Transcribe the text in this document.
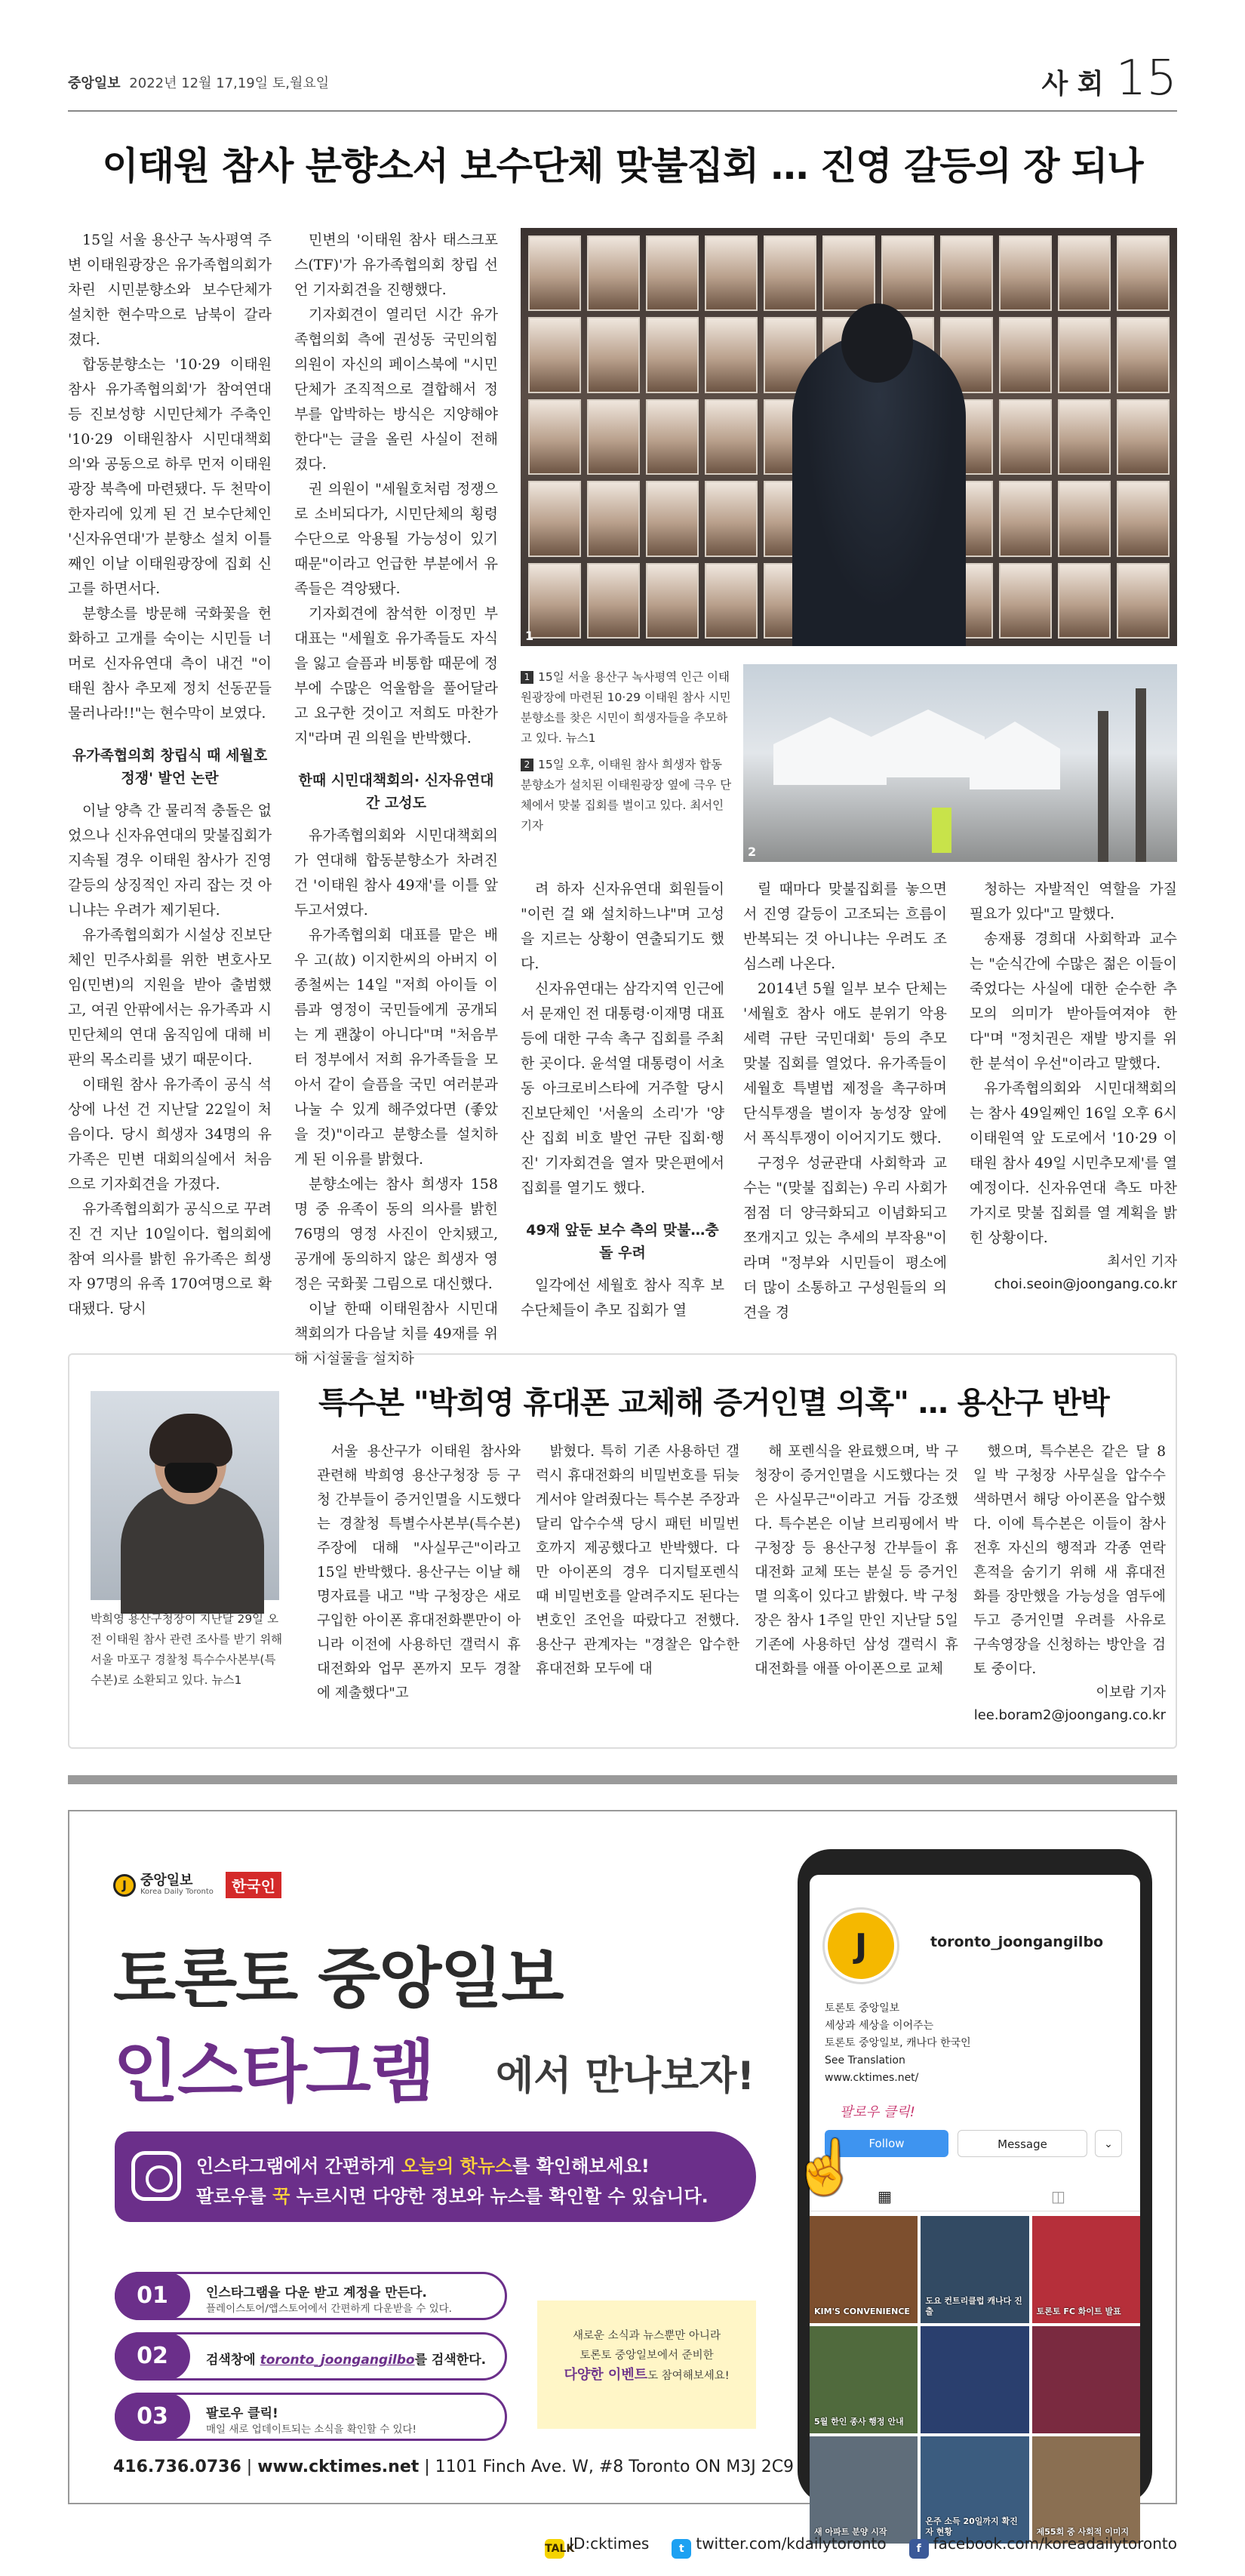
중앙일보 2022년 12월 17,19일 토,월요일	사 회 15
이태원 참사 분향소서 보수단체 맞불집회 … 진영 갈등의 장 되나

15일 서울 용산구 녹사평역 주변 이태원광장은 유가족협의회가 차린 시민분향소와 보수단체가 설치한 현수막으로 남북이 갈라졌다.

합동분향소는 '10·29 이태원참사 유가족협의회'가 참여연대 등 진보성향 시민단체가 주축인 '10·29 이태원참사 시민대책회의'와 공동으로 하루 먼저 이태원광장 북측에 마련됐다. 두 천막이 한자리에 있게 된 건 보수단체인 '신자유연대'가 분향소 설치 이틀째인 이날 이태원광장에 집회 신고를 하면서다.

분향소를 방문해 국화꽃을 헌화하고 고개를 숙이는 시민들 너머로 신자유연대 측이 내건 "이태원 참사 추모제 정치 선동꾼들 물러나라!!"는 현수막이 보였다.

유가족협의회 창립식 때 세월호 정쟁' 발언 논란

이날 양측 간 물리적 충돌은 없었으나 신자유연대의 맞불집회가 지속될 경우 이태원 참사가 진영 갈등의 상징적인 자리 잡는 것 아니냐는 우려가 제기된다.

유가족협의회가 시설상 진보단체인 민주사회를 위한 변호사모임(민변)의 지원을 받아 출범했고, 여권 안팎에서는 유가족과 시민단체의 연대 움직임에 대해 비판의 목소리를 냈기 때문이다.

이태원 참사 유가족이 공식 석상에 나선 건 지난달 22일이 처음이다. 당시 희생자 34명의 유가족은 민변 대회의실에서 처음으로 기자회견을 가졌다.

유가족협의회가 공식으로 꾸려진 건 지난 10일이다. 협의회에 참여 의사를 밝힌 유가족은 희생자 97명의 유족 170여명으로 확대됐다. 당시

민변의 '이태원 참사 태스크포스(TF)'가 유가족협의회 창립 선언 기자회견을 진행했다.

기자회견이 열리던 시간 유가족협의회 측에 권성동 국민의힘 의원이 자신의 페이스북에 "시민단체가 조직적으로 결합해서 정부를 압박하는 방식은 지양해야 한다"는 글을 올린 사실이 전해졌다.

권 의원이 "세월호처럼 정쟁으로 소비되다가, 시민단체의 횡령수단으로 악용될 가능성이 있기 때문"이라고 언급한 부분에서 유족들은 격앙됐다.

기자회견에 참석한 이정민 부대표는 "세월호 유가족들도 자식을 잃고 슬픔과 비통함 때문에 정부에 수많은 억울함을 풀어달라고 요구한 것이고 저희도 마찬가지"라며 권 의원을 반박했다.

한때 시민대책회의· 신자유연대간 고성도

유가족협의회와 시민대책회의가 연대해 합동분향소가 차려진 건 '이태원 참사 49재'를 이틀 앞두고서였다.

유가족협의회 대표를 맡은 배우 고(故) 이지한씨의 아버지 이종철씨는 14일 "저희 아이들 이름과 영정이 국민들에게 공개되는 게 괜찮이 아니다"며 "처음부터 정부에서 저희 유가족들을 모아서 같이 슬픔을 국민 여러분과 나눌 수 있게 해주었다면 (좋았을 것)"이라고 분향소를 설치하게 된 이유를 밝혔다.

분향소에는 참사 희생자 158명 중 유족이 동의 의사를 밝힌 76명의 영정 사진이 안치됐고, 공개에 동의하지 않은 희생자 영정은 국화꽃 그림으로 대신했다.

이날 한때 이태원참사 시민대책회의가 다음날 치를 49재를 위해 시설물을 설치하

1
1 15일 서울 용산구 녹사평역 인근 이태원광장에 마련된 10·29 이태원 참사 시민분향소를 찾은 시민이 희생자들을 추모하고 있다. 뉴스1
2 15일 오후, 이태원 참사 희생자 합동분향소가 설치된 이태원광장 옆에 극우 단체에서 맞불 집회를 벌이고 있다. 최서인 기자
2

려 하자 신자유연대 회원들이 "이런 걸 왜 설치하느냐"며 고성을 지르는 상황이 연출되기도 했다.

신자유연대는 삼각지역 인근에서 문재인 전 대통령·이재명 대표 등에 대한 구속 촉구 집회를 주최한 곳이다. 윤석열 대통령이 서초동 아크로비스타에 거주할 당시 진보단체인 '서울의 소리'가 '양산 집회 비호 발언 규탄 집회·행진' 기자회견을 열자 맞은편에서 집회를 열기도 했다.

49재 앞둔 보수 측의 맞불…충돌 우려

일각에선 세월호 참사 직후 보수단체들이 추모 집회가 열

릴 때마다 맞불집회를 놓으면서 진영 갈등이 고조되는 흐름이 반복되는 것 아니냐는 우려도 조심스레 나온다.

2014년 5월 일부 보수 단체는 '세월호 참사 애도 분위기 악용 세력 규탄 국민대회' 등의 추모 맞불 집회를 열었다. 유가족들이 세월호 특별법 제정을 촉구하며 단식투쟁을 벌이자 농성장 앞에서 폭식투쟁이 이어지기도 했다.

구정우 성균관대 사회학과 교수는 "(맞불 집회는) 우리 사회가 점점 더 양극화되고 이념화되고 쪼개지고 있는 추세의 부작용"이라며 "정부와 시민들이 평소에 더 많이 소통하고 구성원들의 의견을 경

청하는 자발적인 역할을 가질 필요가 있다"고 말했다.

송재룡 경희대 사회학과 교수는 "순식간에 수많은 젊은 이들이 죽었다는 사실에 대한 순수한 추모의 의미가 받아들여져야 한다"며 "정치권은 재발 방지를 위한 분석이 우선"이라고 말했다.

유가족협의회와 시민대책회의는 참사 49일째인 16일 오후 6시 이태원역 앞 도로에서 '10·29 이태원 참사 49일 시민추모제'를 열 예정이다. 신자유연대 측도 마찬가지로 맞불 집회를 열 계획을 밝힌 상황이다.

최서인 기자
choi.seoin@joongang.co.kr
특수본 "박희영 휴대폰 교체해 증거인멸 의혹" … 용산구 반박
박희영 용산구청장이 지난달 29일 오전 이태원 참사 관련 조사를 받기 위해 서울 마포구 경찰청 특수수사본부(특수본)로 소환되고 있다. 뉴스1

서울 용산구가 이태원 참사와 관련해 박희영 용산구청장 등 구청 간부들이 증거인멸을 시도했다는 경찰청 특별수사본부(특수본) 주장에 대해 "사실무근"이라고 15일 반박했다. 용산구는 이날 해명자료를 내고 "박 구청장은 새로 구입한 아이폰 휴대전화뿐만이 아니라 이전에 사용하던 갤럭시 휴대전화와 업무 폰까지 모두 경찰에 제출했다"고

밝혔다. 특히 기존 사용하던 갤럭시 휴대전화의 비밀번호를 뒤늦게서야 알려줬다는 특수본 주장과 달리 압수수색 당시 패턴 비밀번호까지 제공했다고 반박했다. 다만 아이폰의 경우 디지털포렌식 때 비밀번호를 알려주지도 된다는 변호인 조언을 따랐다고 전했다. 용산구 관계자는 "경찰은 압수한 휴대전화 모두에 대

해 포렌식을 완료했으며, 박 구청장이 증거인멸을 시도했다는 것은 사실무근"이라고 거듭 강조했다. 특수본은 이날 브리핑에서 박 구청장 등 용산구청 간부들이 휴대전화 교체 또는 분실 등 증거인멸 의혹이 있다고 밝혔다. 박 구청장은 참사 1주일 만인 지난달 5일 기존에 사용하던 삼성 갤럭시 휴대전화를 애플 아이폰으로 교체

했으며, 특수본은 같은 달 8일 박 구청장 사무실을 압수수색하면서 해당 아이폰을 압수했다. 이에 특수본은 이들이 참사 전후 자신의 행적과 각종 연락 흔적을 숨기기 위해 새 휴대전화를 장만했을 가능성을 염두에 두고 증거인멸 우려를 사유로 구속영장을 신청하는 방안을 검토 중이다.

이보람 기자
lee.boram2@joongang.co.kr
J	중앙일보
Korea Daily Toronto	한국인
토론토 중앙일보
인스타그램 에서 만나보자!
인스타그램에서 간편하게 오늘의 핫뉴스를 확인해보세요!
팔로우를 꾹 누르시면 다양한 정보와 뉴스를 확인할 수 있습니다.
01	인스타그램을 다운 받고 계정을 만든다.
플레이스토어/앱스토어에서 간편하게 다운받을 수 있다.
02	검색창에 toronto_joongangilbo를 검색한다.
03	팔로우 클릭!
매일 새로 업데이트되는 소식을 확인할 수 있다!
새로운 소식과 뉴스뿐만 아니라
토론토 중앙일보에서 준비한
다양한 이벤트도 참여해보세요!
416.736.0736 | www.cktimes.net | 1101 Finch Ave. W, #8 Toronto ON M3J 2C9
J	toronto_joongangilbo
토론토 중앙일보
세상과 세상을 이어주는
토론토 중앙일보, 캐나다 한국인
See Translation
www.cktimes.net/
팔로우 클릭!
Follow	Message	⌄
▦	◫
KIM'S CONVENIENCE
도요 컨트리클럽 캐나다 진출	토론토 FC 화이트 발표
5월 한인 종사 행정 안내
새 아파트 분양 시작
온주 소득 20일까지 확진자 현황	제55회 중 사회적 이미지
☝
TALKID:cktimes	t twitter.com/kdailytoronto	f facebook.com/koreadailytoronto
